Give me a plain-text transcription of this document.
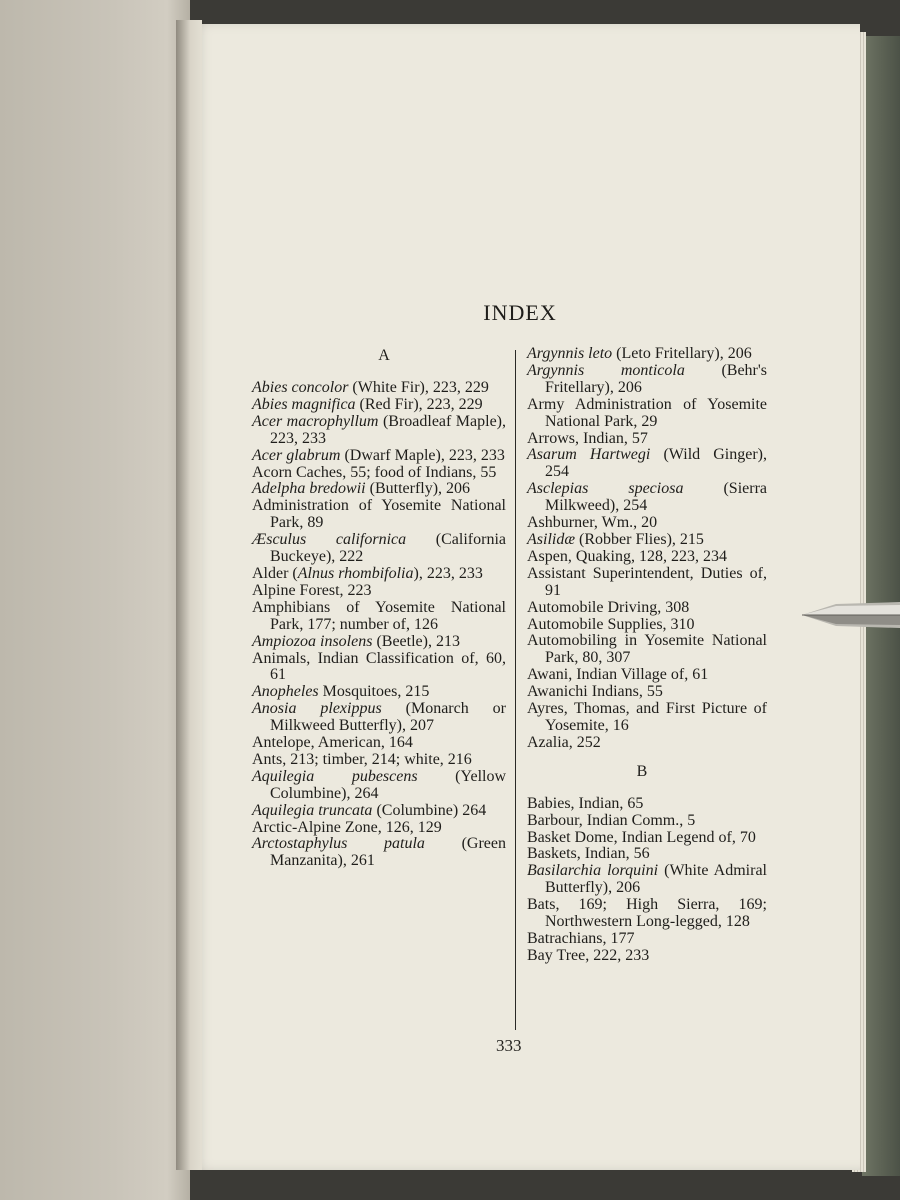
INDEX
A
Abies concolor (White Fir), 223, 229
Abies magnifica (Red Fir), 223, 229
Acer macrophyllum (Broadleaf Maple), 223, 233
Acer glabrum (Dwarf Maple), 223, 233
Acorn Caches, 55; food of Indians, 55
Adelpha bredowii (Butterfly), 206
Administration of Yosemite National Park, 89
Æsculus californica (California Buckeye), 222
Alder (Alnus rhombifolia), 223, 233
Alpine Forest, 223
Amphibians of Yosemite National Park, 177; number of, 126
Ampiozoa insolens (Beetle), 213
Animals, Indian Classification of, 60, 61
Anopheles Mosquitoes, 215
Anosia plexippus (Monarch or Milkweed Butterfly), 207
Antelope, American, 164
Ants, 213; timber, 214; white, 216
Aquilegia pubescens (Yellow Columbine), 264
Aquilegia truncata (Columbine) 264
Arctic-Alpine Zone, 126, 129
Arctostaphylus patula (Green Manzanita), 261
Argynnis leto (Leto Fritellary), 206
Argynnis monticola (Behr's Fritellary), 206
Army Administration of Yosemite National Park, 29
Arrows, Indian, 57
Asarum Hartwegi (Wild Ginger), 254
Asclepias speciosa (Sierra Milkweed), 254
Ashburner, Wm., 20
Asilidæ (Robber Flies), 215
Aspen, Quaking, 128, 223, 234
Assistant Superintendent, Duties of, 91
Automobile Driving, 308
Automobile Supplies, 310
Automobiling in Yosemite National Park, 80, 307
Awani, Indian Village of, 61
Awanichi Indians, 55
Ayres, Thomas, and First Picture of Yosemite, 16
Azalia, 252
B
Babies, Indian, 65
Barbour, Indian Comm., 5
Basket Dome, Indian Legend of, 70
Baskets, Indian, 56
Basilarchia lorquini (White Admiral Butterfly), 206
Bats, 169; High Sierra, 169; Northwestern Long-legged, 128
Batrachians, 177
Bay Tree, 222, 233
333
